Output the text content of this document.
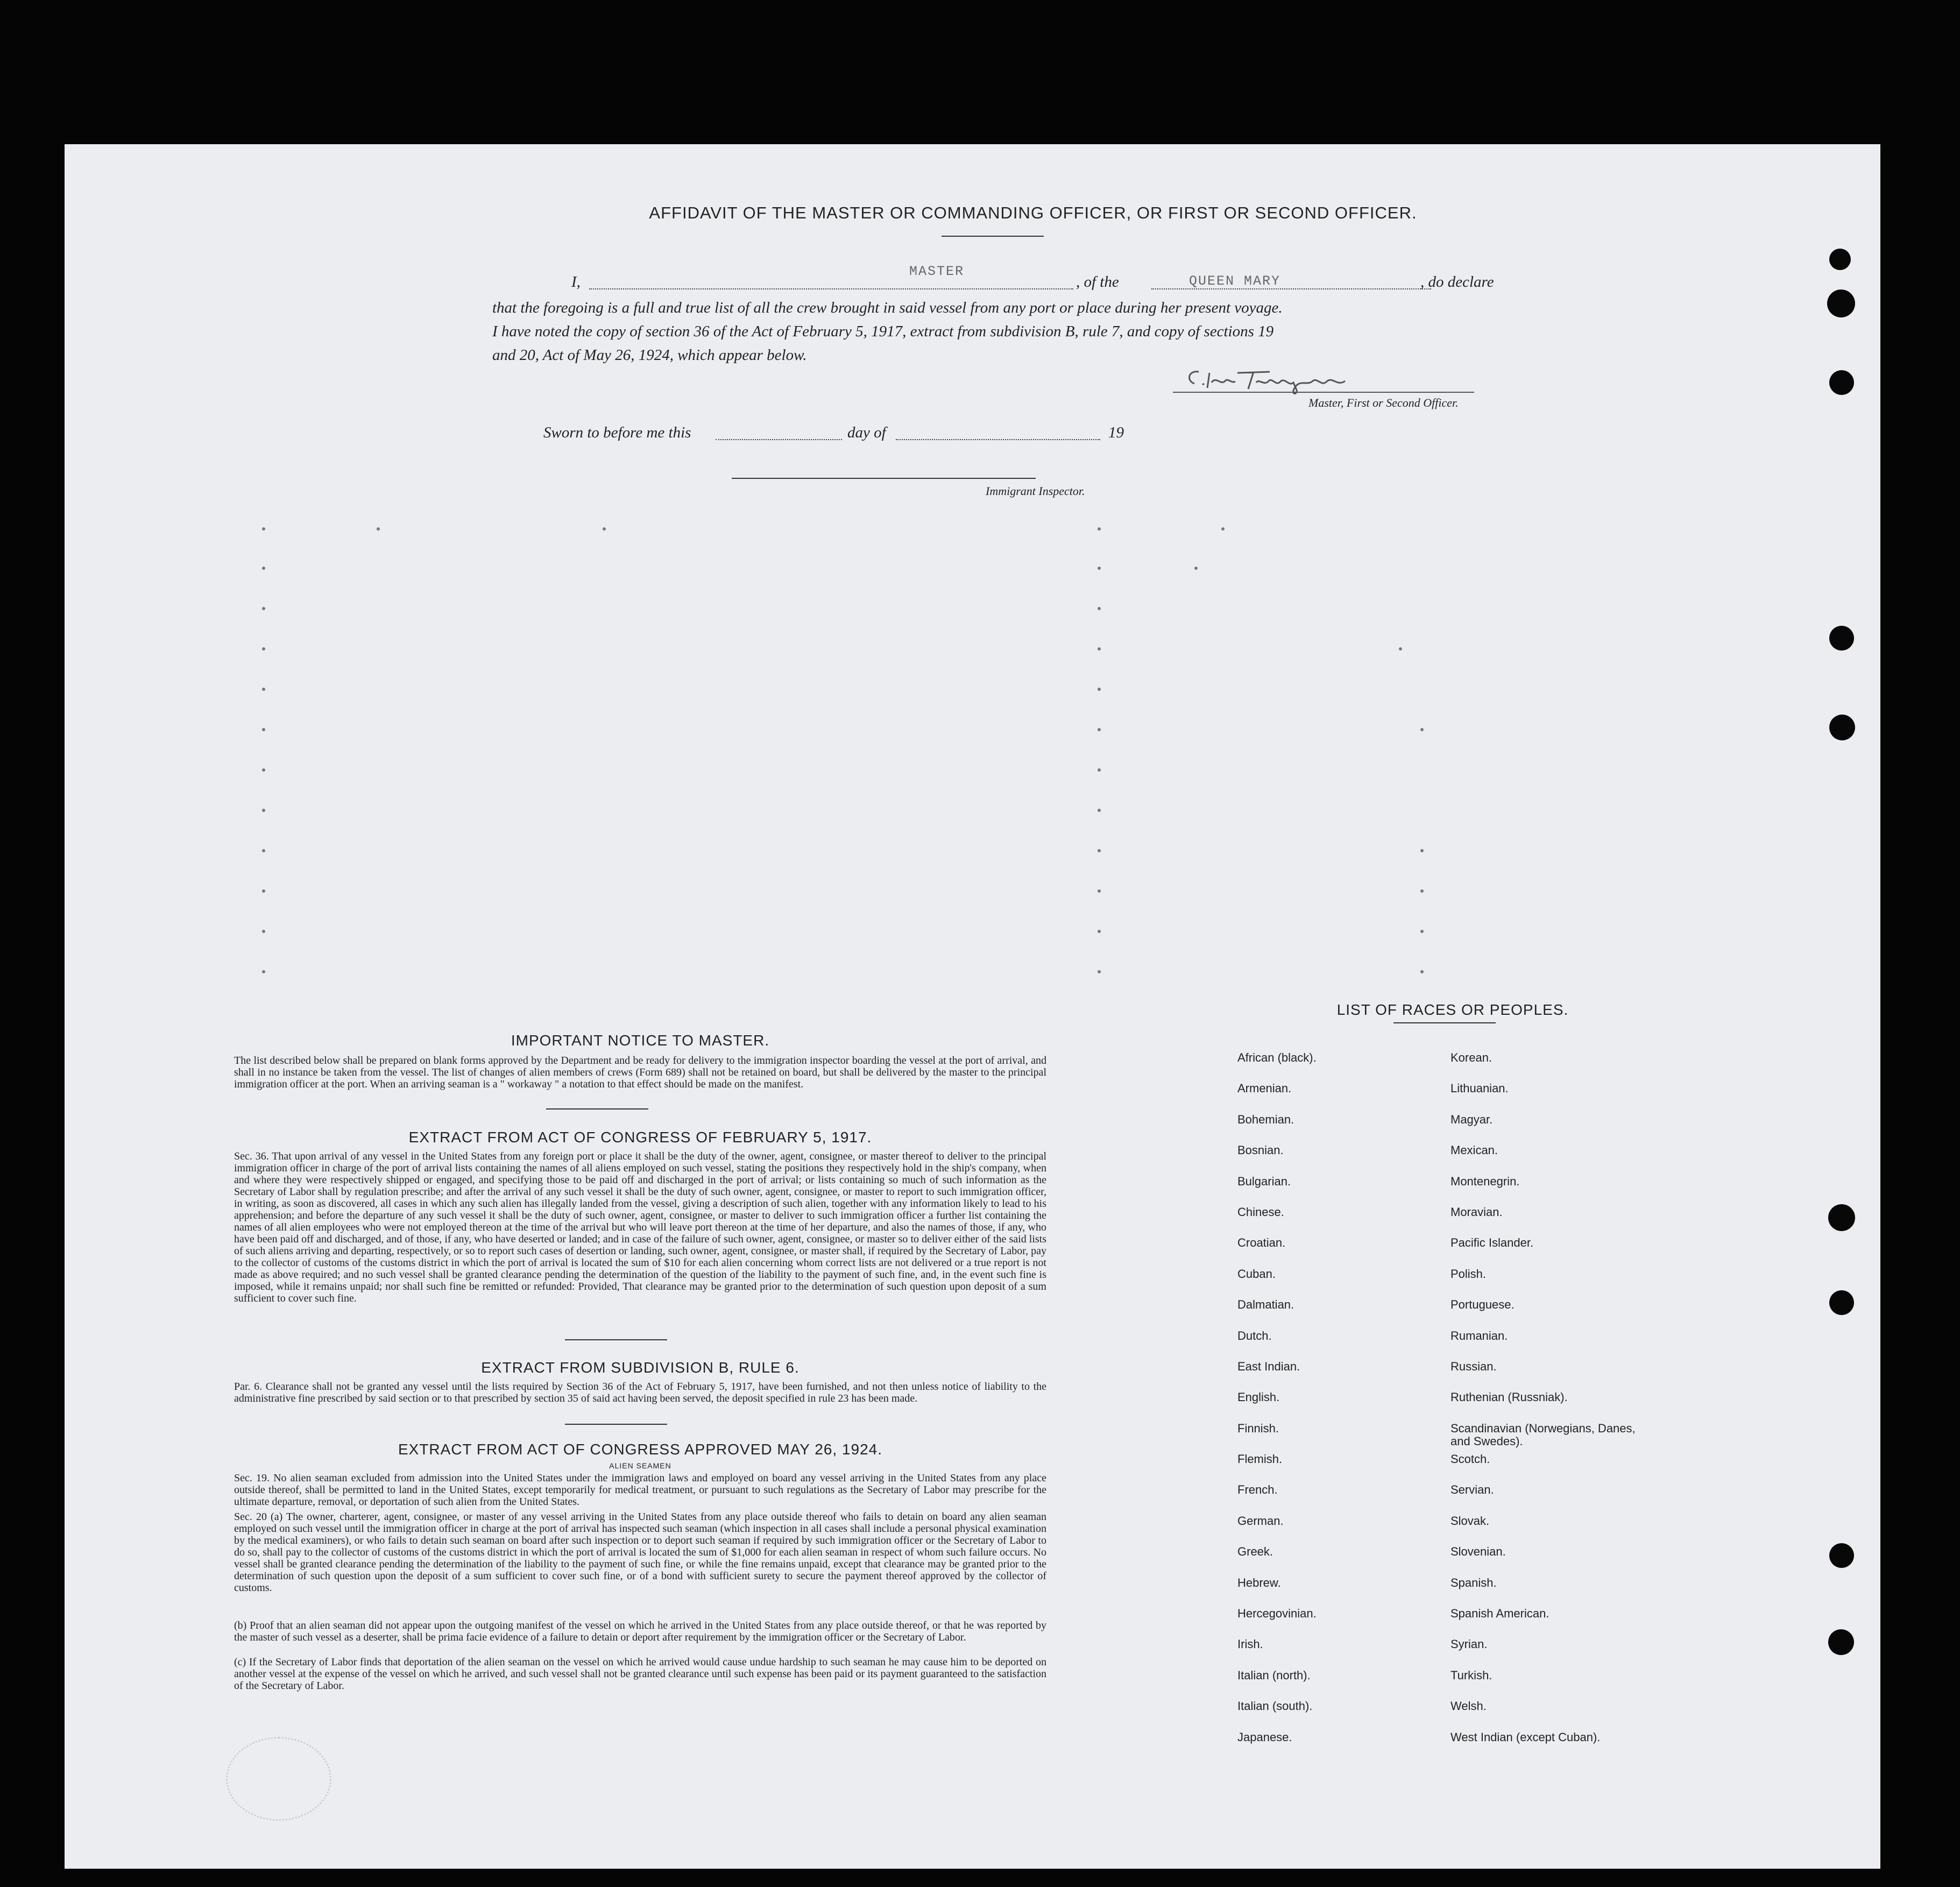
AFFIDAVIT OF THE MASTER OR COMMANDING OFFICER, OR FIRST OR SECOND OFFICER.
I,
MASTER
, of the	QUEEN MARY	, do declare
that the foregoing is a full and true list of all the crew brought in said vessel from any port or place during her present voyage.
I have noted the copy of section 36 of the Act of February 5, 1917, extract from subdivision B, rule 7, and copy of sections 19
and 20, Act of May 26, 1924, which appear below.
Master, First or Second Officer.
Sworn to before me this	day of	19
Immigrant Inspector.
IMPORTANT NOTICE TO MASTER.
The list described below shall be prepared on blank forms approved by the Department and be ready for delivery to the immigration inspector boarding the vessel at the port of arrival, and shall in no instance be taken from the vessel. The list of changes of alien members of crews (Form 689) shall not be retained on board, but shall be delivered by the master to the principal immigration officer at the port. When an arriving seaman is a " workaway " a notation to that effect should be made on the manifest.
EXTRACT FROM ACT OF CONGRESS OF FEBRUARY 5, 1917.
Sec. 36. That upon arrival of any vessel in the United States from any foreign port or place it shall be the duty of the owner, agent, consignee, or master thereof to deliver to the principal immigration officer in charge of the port of arrival lists containing the names of all aliens employed on such vessel, stating the positions they respectively hold in the ship's company, when and where they were respectively shipped or engaged, and specifying those to be paid off and discharged in the port of arrival; or lists containing so much of such information as the Secretary of Labor shall by regulation prescribe; and after the arrival of any such vessel it shall be the duty of such owner, agent, consignee, or master to report to such immigration officer, in writing, as soon as discovered, all cases in which any such alien has illegally landed from the vessel, giving a description of such alien, together with any information likely to lead to his apprehension; and before the departure of any such vessel it shall be the duty of such owner, agent, consignee, or master to deliver to such immigration officer a further list containing the names of all alien employees who were not employed thereon at the time of the arrival but who will leave port thereon at the time of her departure, and also the names of those, if any, who have been paid off and discharged, and of those, if any, who have deserted or landed; and in case of the failure of such owner, agent, consignee, or master so to deliver either of the said lists of such aliens arriving and departing, respectively, or so to report such cases of desertion or landing, such owner, agent, consignee, or master shall, if required by the Secretary of Labor, pay to the collector of customs of the customs district in which the port of arrival is located the sum of $10 for each alien concerning whom correct lists are not delivered or a true report is not made as above required; and no such vessel shall be granted clearance pending the determination of the question of the liability to the payment of such fine, and, in the event such fine is imposed, while it remains unpaid; nor shall such fine be remitted or refunded: Provided, That clearance may be granted prior to the determination of such question upon deposit of a sum sufficient to cover such fine.
EXTRACT FROM SUBDIVISION B, RULE 6.
Par. 6. Clearance shall not be granted any vessel until the lists required by Section 36 of the Act of February 5, 1917, have been furnished, and not then unless notice of liability to the administrative fine prescribed by said section or to that prescribed by section 35 of said act having been served, the deposit specified in rule 23 has been made.
EXTRACT FROM ACT OF CONGRESS APPROVED MAY 26, 1924.
ALIEN SEAMEN
Sec. 19. No alien seaman excluded from admission into the United States under the immigration laws and employed on board any vessel arriving in the United States from any place outside thereof, shall be permitted to land in the United States, except temporarily for medical treatment, or pursuant to such regulations as the Secretary of Labor may prescribe for the ultimate departure, removal, or deportation of such alien from the United States.
Sec. 20 (a) The owner, charterer, agent, consignee, or master of any vessel arriving in the United States from any place outside thereof who fails to detain on board any alien seaman employed on such vessel until the immigration officer in charge at the port of arrival has inspected such seaman (which inspection in all cases shall include a personal physical examination by the medical examiners), or who fails to detain such seaman on board after such inspection or to deport such seaman if required by such immigration officer or the Secretary of Labor to do so, shall pay to the collector of customs of the customs district in which the port of arrival is located the sum of $1,000 for each alien seaman in respect of whom such failure occurs. No vessel shall be granted clearance pending the determination of the liability to the payment of such fine, or while the fine remains unpaid, except that clearance may be granted prior to the determination of such question upon the deposit of a sum sufficient to cover such fine, or of a bond with sufficient surety to secure the payment thereof approved by the collector of customs.
(b) Proof that an alien seaman did not appear upon the outgoing manifest of the vessel on which he arrived in the United States from any place outside thereof, or that he was reported by the master of such vessel as a deserter, shall be prima facie evidence of a failure to detain or deport after requirement by the immigration officer or the Secretary of Labor.
(c) If the Secretary of Labor finds that deportation of the alien seaman on the vessel on which he arrived would cause undue hardship to such seaman he may cause him to be deported on another vessel at the expense of the vessel on which he arrived, and such vessel shall not be granted clearance until such expense has been paid or its payment guaranteed to the satisfaction of the Secretary of Labor.
LIST OF RACES OR PEOPLES.
African (black).
Armenian.
Bohemian.
Bosnian.
Bulgarian.
Chinese.
Croatian.
Cuban.
Dalmatian.
Dutch.
East Indian.
English.
Finnish.
Flemish.
French.
German.
Greek.
Hebrew.
Hercegovinian.
Irish.
Italian (north).
Italian (south).
Japanese.
Korean.
Lithuanian.
Magyar.
Mexican.
Montenegrin.
Moravian.
Pacific Islander.
Polish.
Portuguese.
Rumanian.
Russian.
Ruthenian (Russniak).
Scandinavian (Norwegians, Danes, and Swedes).
Scotch.
Servian.
Slovak.
Slovenian.
Spanish.
Spanish American.
Syrian.
Turkish.
Welsh.
West Indian (except Cuban).
